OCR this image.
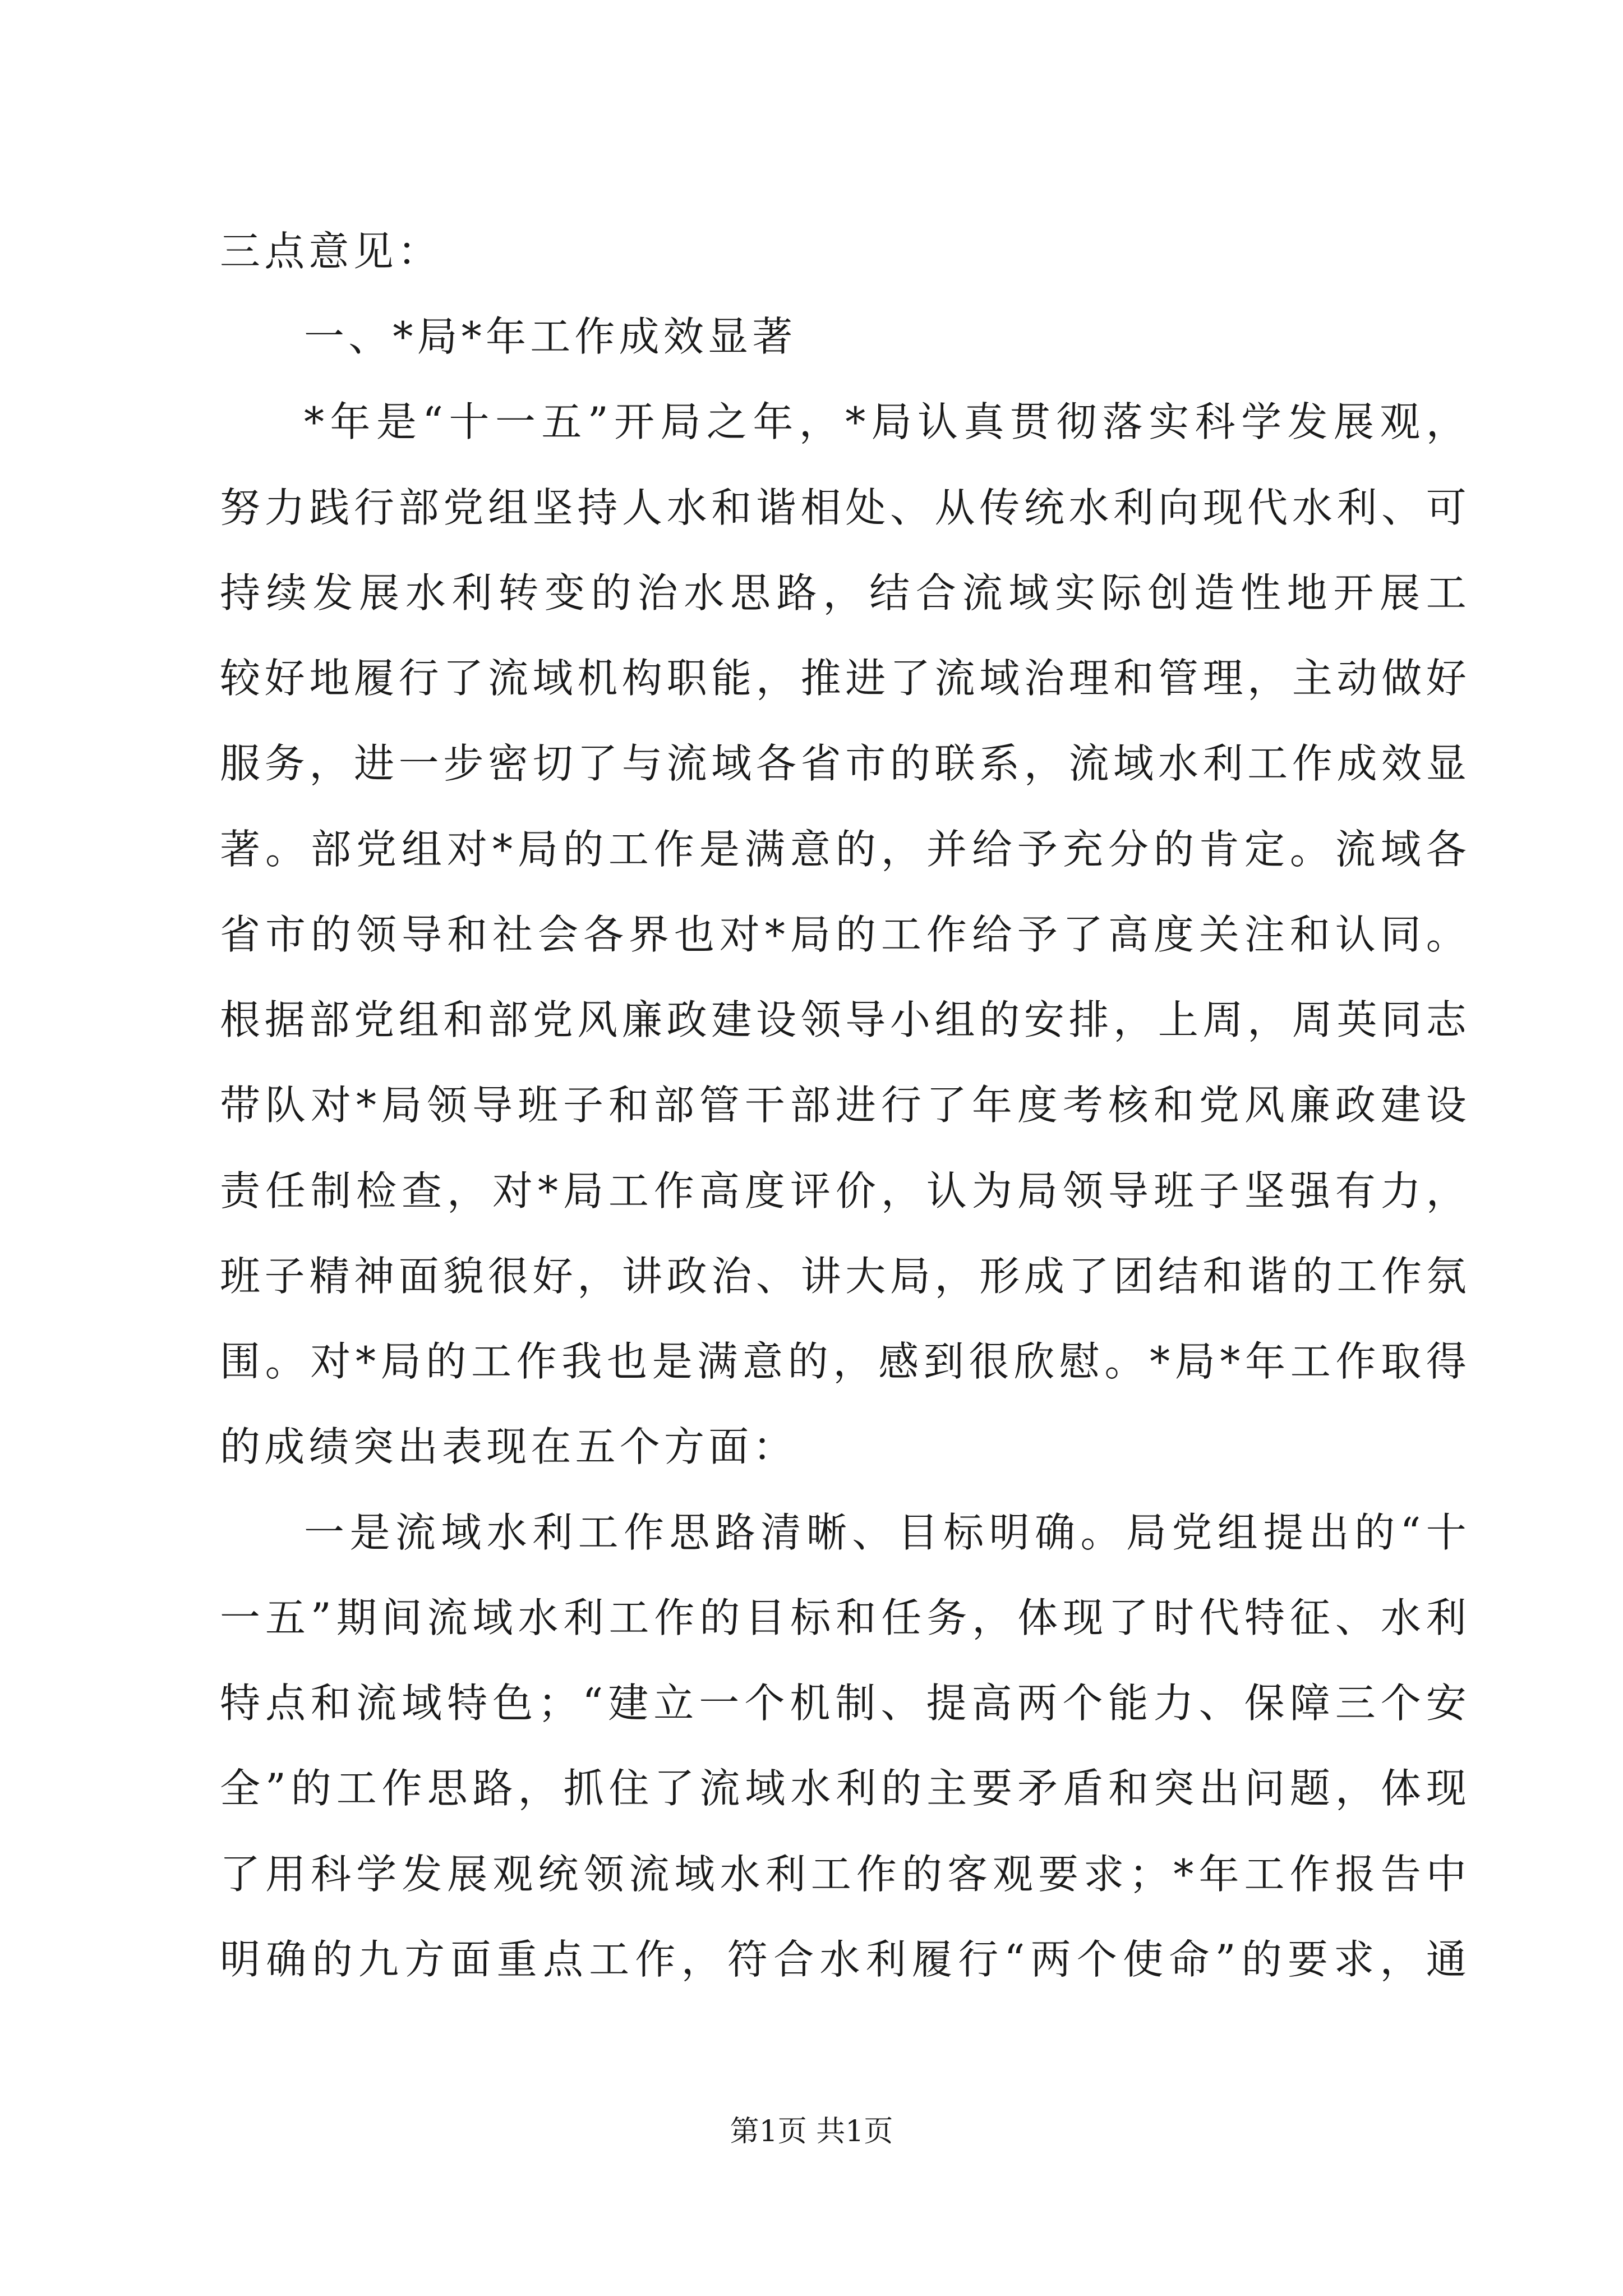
三点意见：
一、*局*年工作成效显著
*年是“十一五”开局之年，*局认真贯彻落实科学发展观，
努力践行部党组坚持人水和谐相处、从传统水利向现代水利、可
持续发展水利转变的治水思路，结合流域实际创造性地开展工
较好地履行了流域机构职能，推进了流域治理和管理，主动做好
服务，进一步密切了与流域各省市的联系，流域水利工作成效显
著。部党组对*局的工作是满意的，并给予充分的肯定。流域各
省市的领导和社会各界也对*局的工作给予了高度关注和认同。
根据部党组和部党风廉政建设领导小组的安排，上周，周英同志
带队对*局领导班子和部管干部进行了年度考核和党风廉政建设
责任制检查，对*局工作高度评价，认为局领导班子坚强有力，
班子精神面貌很好，讲政治、讲大局，形成了团结和谐的工作氛
围。对*局的工作我也是满意的，感到很欣慰。*局*年工作取得
的成绩突出表现在五个方面：
一是流域水利工作思路清晰、目标明确。局党组提出的“十
一五”期间流域水利工作的目标和任务，体现了时代特征、水利
特点和流域特色；“建立一个机制、提高两个能力、保障三个安
全”的工作思路，抓住了流域水利的主要矛盾和突出问题，体现
了用科学发展观统领流域水利工作的客观要求；*年工作报告中
明确的九方面重点工作，符合水利履行“两个使命”的要求，通
第1页 共1页
